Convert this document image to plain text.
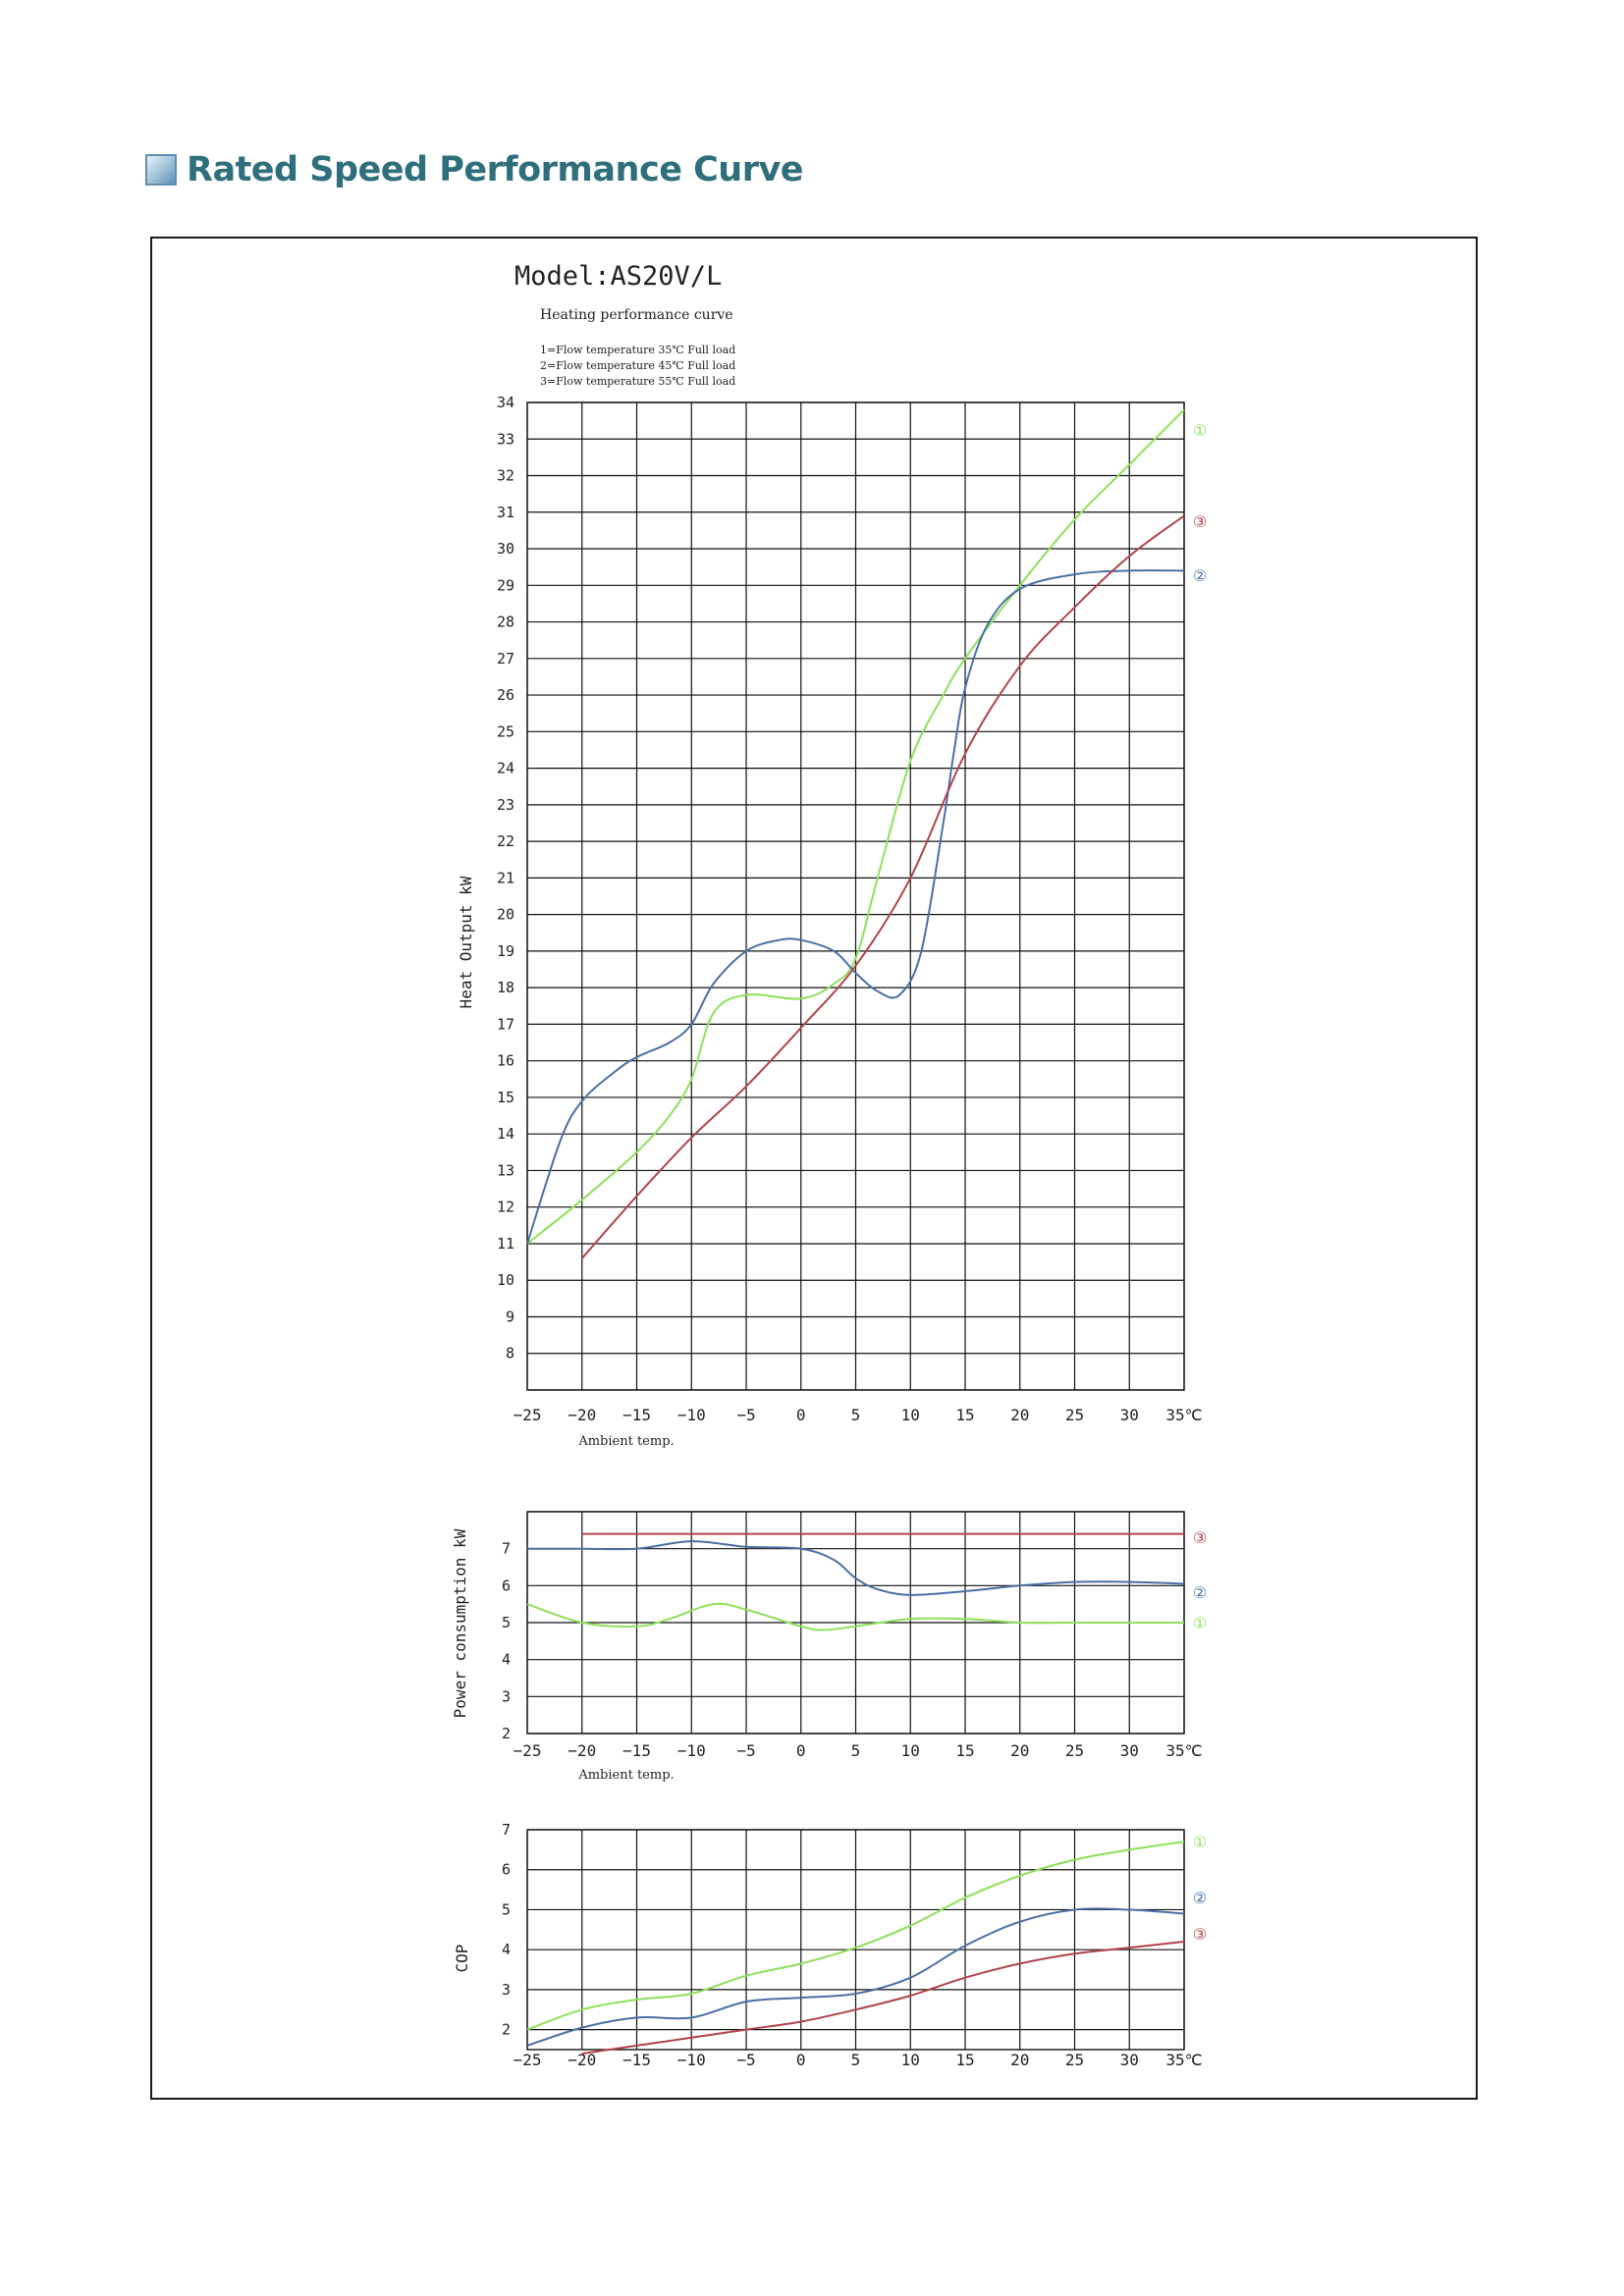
Rated Speed Performance Curve
Model:AS20V/L
Heating performance curve
1=Flow temperature 35℃ Full load
2=Flow temperature 45℃ Full load
3=Flow temperature 55℃ Full load
8
9
10
11
12
13
14
15
16
17
18
19
20
21
22
23
24
25
26
27
28
29
30
31
32
33
34
−25 −20 −15 −10 −5	0	5	10 15 20 25 30 35℃
Ambient temp.
Heat Output kW
①
②
③
2
3
4
5
6
7
−25 −20 −15 −10 −5	0	5	10 15 20 25 30 35℃
Ambient temp.
Power consumption kW	③
②
①
2
3
4
5
6
7
−25 −20 −15 −10 −5	0	5	10 15 20 25 30 35℃
COP
①
②
③
